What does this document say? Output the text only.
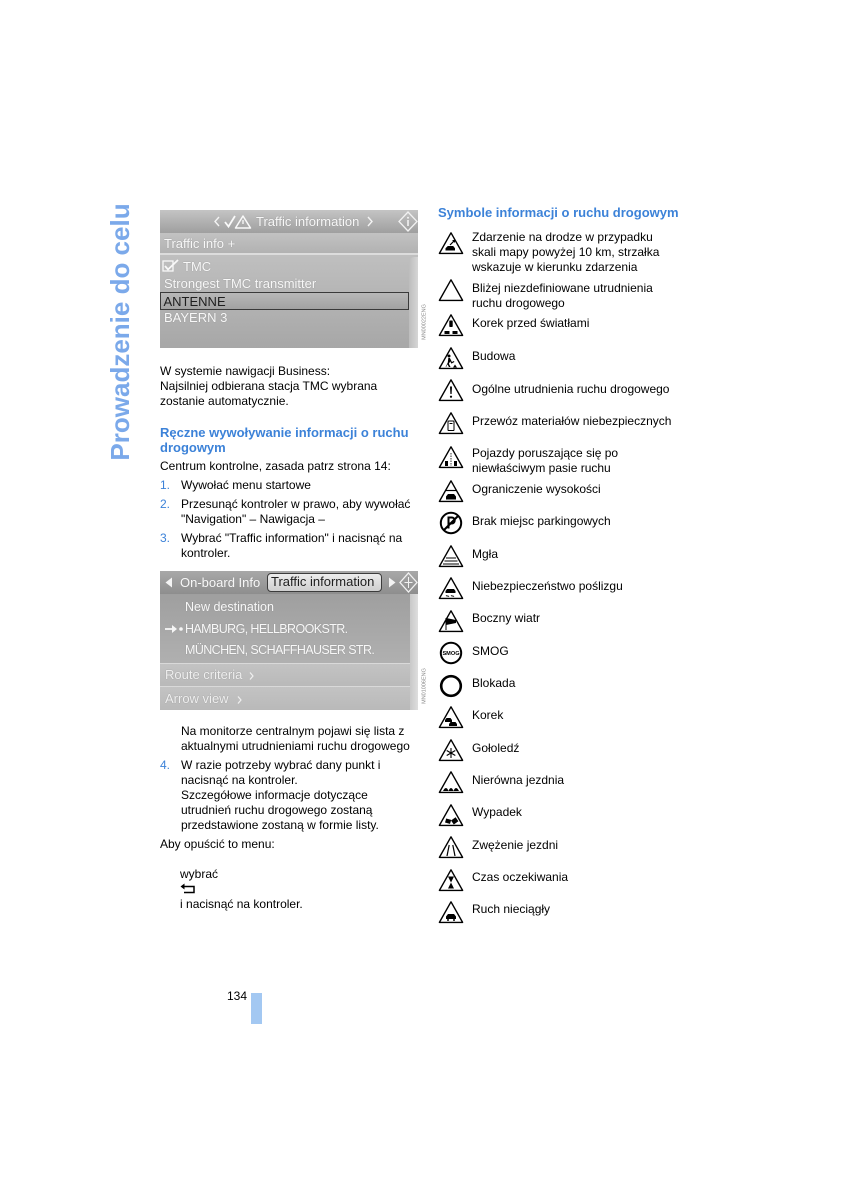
Prowadzenie do celu	Traffic information
Traffic info +
TMC
Strongest TMC transmitter
ANTENNE
BAYERN 3	MN00022ENG
W systemie nawigacji Business:
Najsilniej odbierana stacja TMC wybrana
zostanie automatycznie.
Ręczne wywoływanie informacji o ruchu
drogowym
Centrum kontrolne, zasada patrz strona 14:
1. Wywołać menu startowe
2. Przesunąć kontroler w prawo, aby wywołać
"Navigation" – Nawigacja –
3. Wybrać "Traffic information" i nacisnąć na
kontroler.
On-board Info Traffic information
New destination
HAMBURG, HELLBROOKSTR.
MÜNCHEN, SCHAFFHAUSER STR.
Route criteria
Arrow view	MN01006ENG
Na monitorze centralnym pojawi się lista z
aktualnymi utrudnieniami ruchu drogowego
4. W razie potrzeby wybrać dany punkt i
nacisnąć na kontroler.
Szczegółowe informacje dotyczące
utrudnień ruchu drogowego zostaną
przedstawione zostaną w formie listy.
Aby opuścić to menu:

wybrać

i nacisnąć na kontroler.

Symbole informacji o ruchu drogowym
134
Zdarzenie na drodze w przypadku
skali mapy powyżej 10 km, strzałka
wskazuje w kierunku zdarzenia
Bliżej niezdefiniowane utrudnienia
ruchu drogowego
Korek przed światłami
Budowa
Ogólne utrudnienia ruchu drogowego
Przewóz materiałów niebezpiecznych
Pojazdy poruszające się po
niewłaściwym pasie ruchu
Ograniczenie wysokości
Brak miejsc parkingowych
Mgła
Niebezpieczeństwo poślizgu
Boczny wiatr
SMOG SMOG
Blokada
Korek
Gołoledź
Nierówna jezdnia
Wypadek
Zwężenie jezdni
Czas oczekiwania
Ruch nieciągły
